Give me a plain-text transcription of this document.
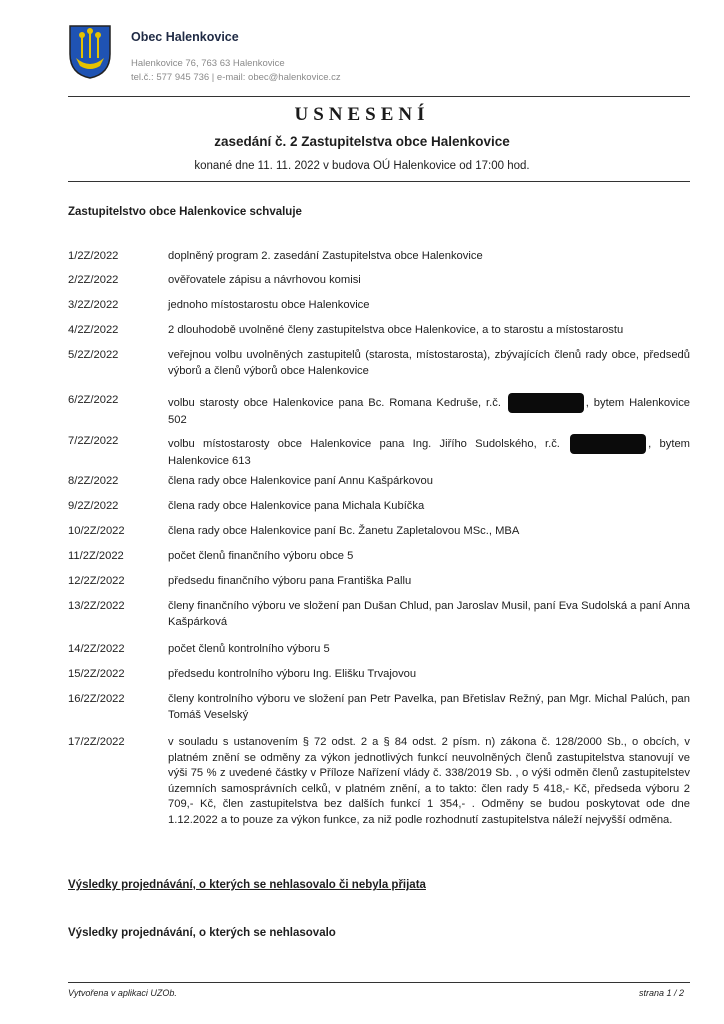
Obec Halenkovice
Halenkovice 76, 763 63 Halenkovice
tel.č.: 577 945 736 | e-mail: obec@halenkovice.cz
USNESENÍ
zasedání č. 2 Zastupitelstva obce Halenkovice
konané dne 11. 11. 2022 v budova OÚ Halenkovice od 17:00 hod.
Zastupitelstvo obce Halenkovice schvaluje
1/2Z/2022	doplněný program 2. zasedání Zastupitelstva obce Halenkovice
2/2Z/2022	ověřovatele zápisu a návrhovou komisi
3/2Z/2022	jednoho místostarostu obce Halenkovice
4/2Z/2022	2 dlouhodobě uvolněné členy zastupitelstva obce Halenkovice, a to starostu a místostarostu
5/2Z/2022	veřejnou volbu uvolněných zastupitelů (starosta, místostarosta), zbývajících členů rady obce, předsedů výborů a členů výborů obce Halenkovice
6/2Z/2022	volbu starosty obce Halenkovice pana Bc. Romana Kedruše, r.č.	, bytem Halenkovice 502
7/2Z/2022	volbu místostarosty obce Halenkovice pana Ing. Jiřího Sudolského, r.č.	, bytem Halenkovice 613
8/2Z/2022	člena rady obce Halenkovice paní Annu Kašpárkovou
9/2Z/2022	člena rady obce Halenkovice pana Michala Kubíčka
10/2Z/2022	člena rady obce Halenkovice paní Bc. Žanetu Zapletalovou MSc., MBA
11/2Z/2022	počet členů finančního výboru obce 5
12/2Z/2022	předsedu finančního výboru pana Františka Pallu
13/2Z/2022	členy finančního výboru ve složení pan Dušan Chlud, pan Jaroslav Musil, paní Eva Sudolská a paní Anna Kašpárková
14/2Z/2022	počet členů kontrolního výboru 5
15/2Z/2022	předsedu kontrolního výboru Ing. Elišku Trvajovou
16/2Z/2022	členy kontrolního výboru ve složení pan Petr Pavelka, pan Břetislav Režný, pan Mgr. Michal Palúch, pan Tomáš Veselský
17/2Z/2022	v souladu s ustanovením § 72 odst. 2 a § 84 odst. 2 písm. n) zákona č. 128/2000 Sb., o obcích, v platném znění se odměny za výkon jednotlivých funkcí neuvolněných členů zastupitelstva stanovují ve výši 75 % z uvedené částky v Příloze Nařízení vlády č. 338/2019 Sb. , o výši odměn členů zastupitelstev územních samosprávních celků, v platném znění, a to takto: člen rady 5 418,- Kč, předseda výboru 2 709,- Kč, člen zastupitelstva bez dalších funkcí 1 354,- . Odměny se budou poskytovat ode dne 1.12.2022 a to pouze za výkon funkce, za niž podle rozhodnutí zastupitelstva náleží nejvyšší odměna.
Výsledky projednávání, o kterých se nehlasovalo či nebyla přijata
Výsledky projednávání, o kterých se nehlasovalo
Vytvořena v aplikaci UZOb.	strana 1 / 2
